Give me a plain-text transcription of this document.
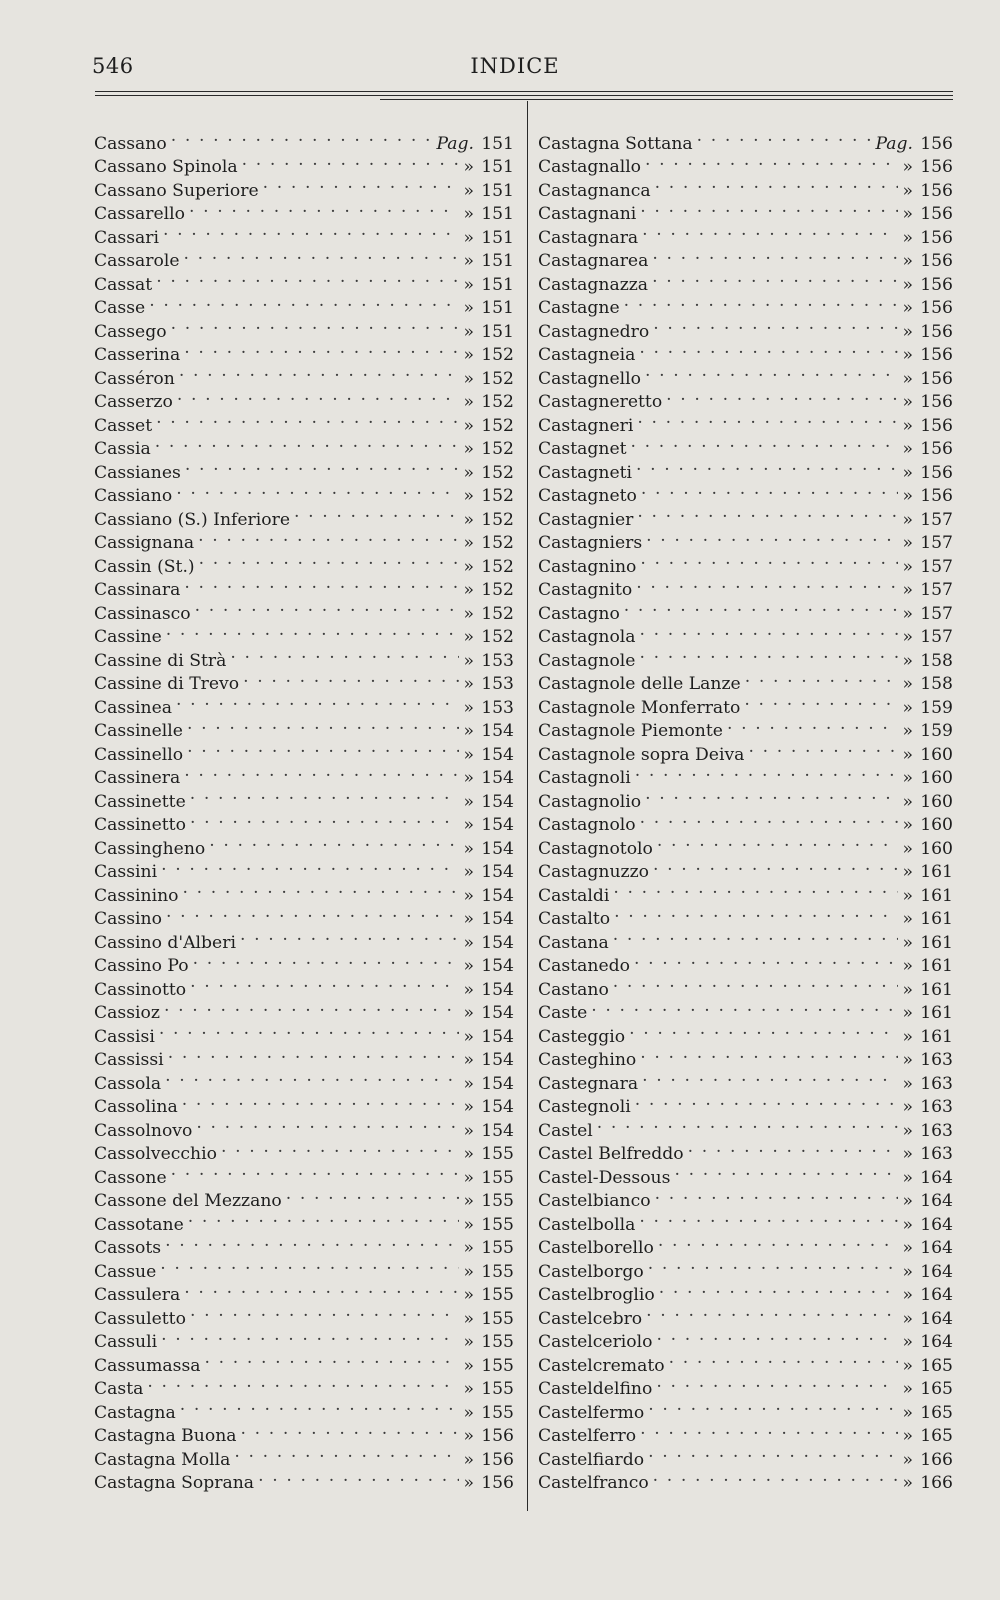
546	INDICE
Cassano . . .	Pag. 151
Cassano Spinola . . .	» 151
Cassano Superiore . . .	» 151
Cassarello . . .	» 151
Cassari . . .	» 151
Cassarole . . .	» 151
Cassat . . .	» 151
Casse . . .	» 151
Cassego . . .	» 151
Casserina . . .	» 152
Casséron . . .	» 152
Casserzo . . .	» 152
Casset . . .	» 152
Cassia . . .	» 152
Cassianes . . .	» 152
Cassiano . . .	» 152
Cassiano (S.) Inferiore . . .	» 152
Cassignana . . .	» 152
Cassin (St.) . . .	» 152
Cassinara . . .	» 152
Cassinasco . . .	» 152
Cassine . . .	» 152
Cassine di Strà . . .	» 153
Cassine di Trevo . . .	» 153
Cassinea . . .	» 153
Cassinelle . . .	» 154
Cassinello . . .	» 154
Cassinera . . .	» 154
Cassinette . . .	» 154
Cassinetto . . .	» 154
Cassingheno . . .	» 154
Cassini . . .	» 154
Cassinino . . .	» 154
Cassino . . .	» 154
Cassino d'Alberi . . .	» 154
Cassino Po . . .	» 154
Cassinotto . . .	» 154
Cassioz . . .	» 154
Cassisi . . .	» 154
Cassissi . . .	» 154
Cassola . . .	» 154
Cassolina . . .	» 154
Cassolnovo . . .	» 154
Cassolvecchio . . .	» 155
Cassone . . .	» 155
Cassone del Mezzano . . .	» 155
Cassotane . . .	» 155
Cassots . . .	» 155
Cassue . . .	» 155
Cassulera . . .	» 155
Cassuletto . . .	» 155
Cassuli . . .	» 155
Cassumassa . . .	» 155
Casta . . .	» 155
Castagna . . .	» 155
Castagna Buona . . .	» 156
Castagna Molla . . .	» 156
Castagna Soprana . . .	» 156
Castagna Sottana . . .	Pag. 156
Castagnallo . . .	» 156
Castagnanca . . .	» 156
Castagnani . . .	» 156
Castagnara . . .	» 156
Castagnarea . . .	» 156
Castagnazza . . .	» 156
Castagne . . .	» 156
Castagnedro . . .	» 156
Castagneia . . .	» 156
Castagnello . . .	» 156
Castagneretto . . .	» 156
Castagneri . . .	» 156
Castagnet . . .	» 156
Castagneti . . .	» 156
Castagneto . . .	» 156
Castagnier . . .	» 157
Castagniers . . .	» 157
Castagnino . . .	» 157
Castagnito . . .	» 157
Castagno . . .	» 157
Castagnola . . .	» 157
Castagnole . . .	» 158
Castagnole delle Lanze . . .	» 158
Castagnole Monferrato . . .	» 159
Castagnole Piemonte . . .	» 159
Castagnole sopra Deiva . . .	» 160
Castagnoli . . .	» 160
Castagnolio . . .	» 160
Castagnolo . . .	» 160
Castagnotolo . . .	» 160
Castagnuzzo . . .	» 161
Castaldi . . .	» 161
Castalto . . .	» 161
Castana . . .	» 161
Castanedo . . .	» 161
Castano . . .	» 161
Caste . . .	» 161
Casteggio . . .	» 161
Casteghino . . .	» 163
Castegnara . . .	» 163
Castegnoli . . .	» 163
Castel . . .	» 163
Castel Belfreddo . . .	» 163
Castel-Dessous . . .	» 164
Castelbianco . . .	» 164
Castelbolla . . .	» 164
Castelborello . . .	» 164
Castelborgo . . .	» 164
Castelbroglio . . .	» 164
Castelcebro . . .	» 164
Castelceriolo . . .	» 164
Castelcremato . . .	» 165
Casteldelfino . . .	» 165
Castelfermo . . .	» 165
Castelferro . . .	» 165
Castelfiardo . . .	» 166
Castelfranco . . .	» 166
